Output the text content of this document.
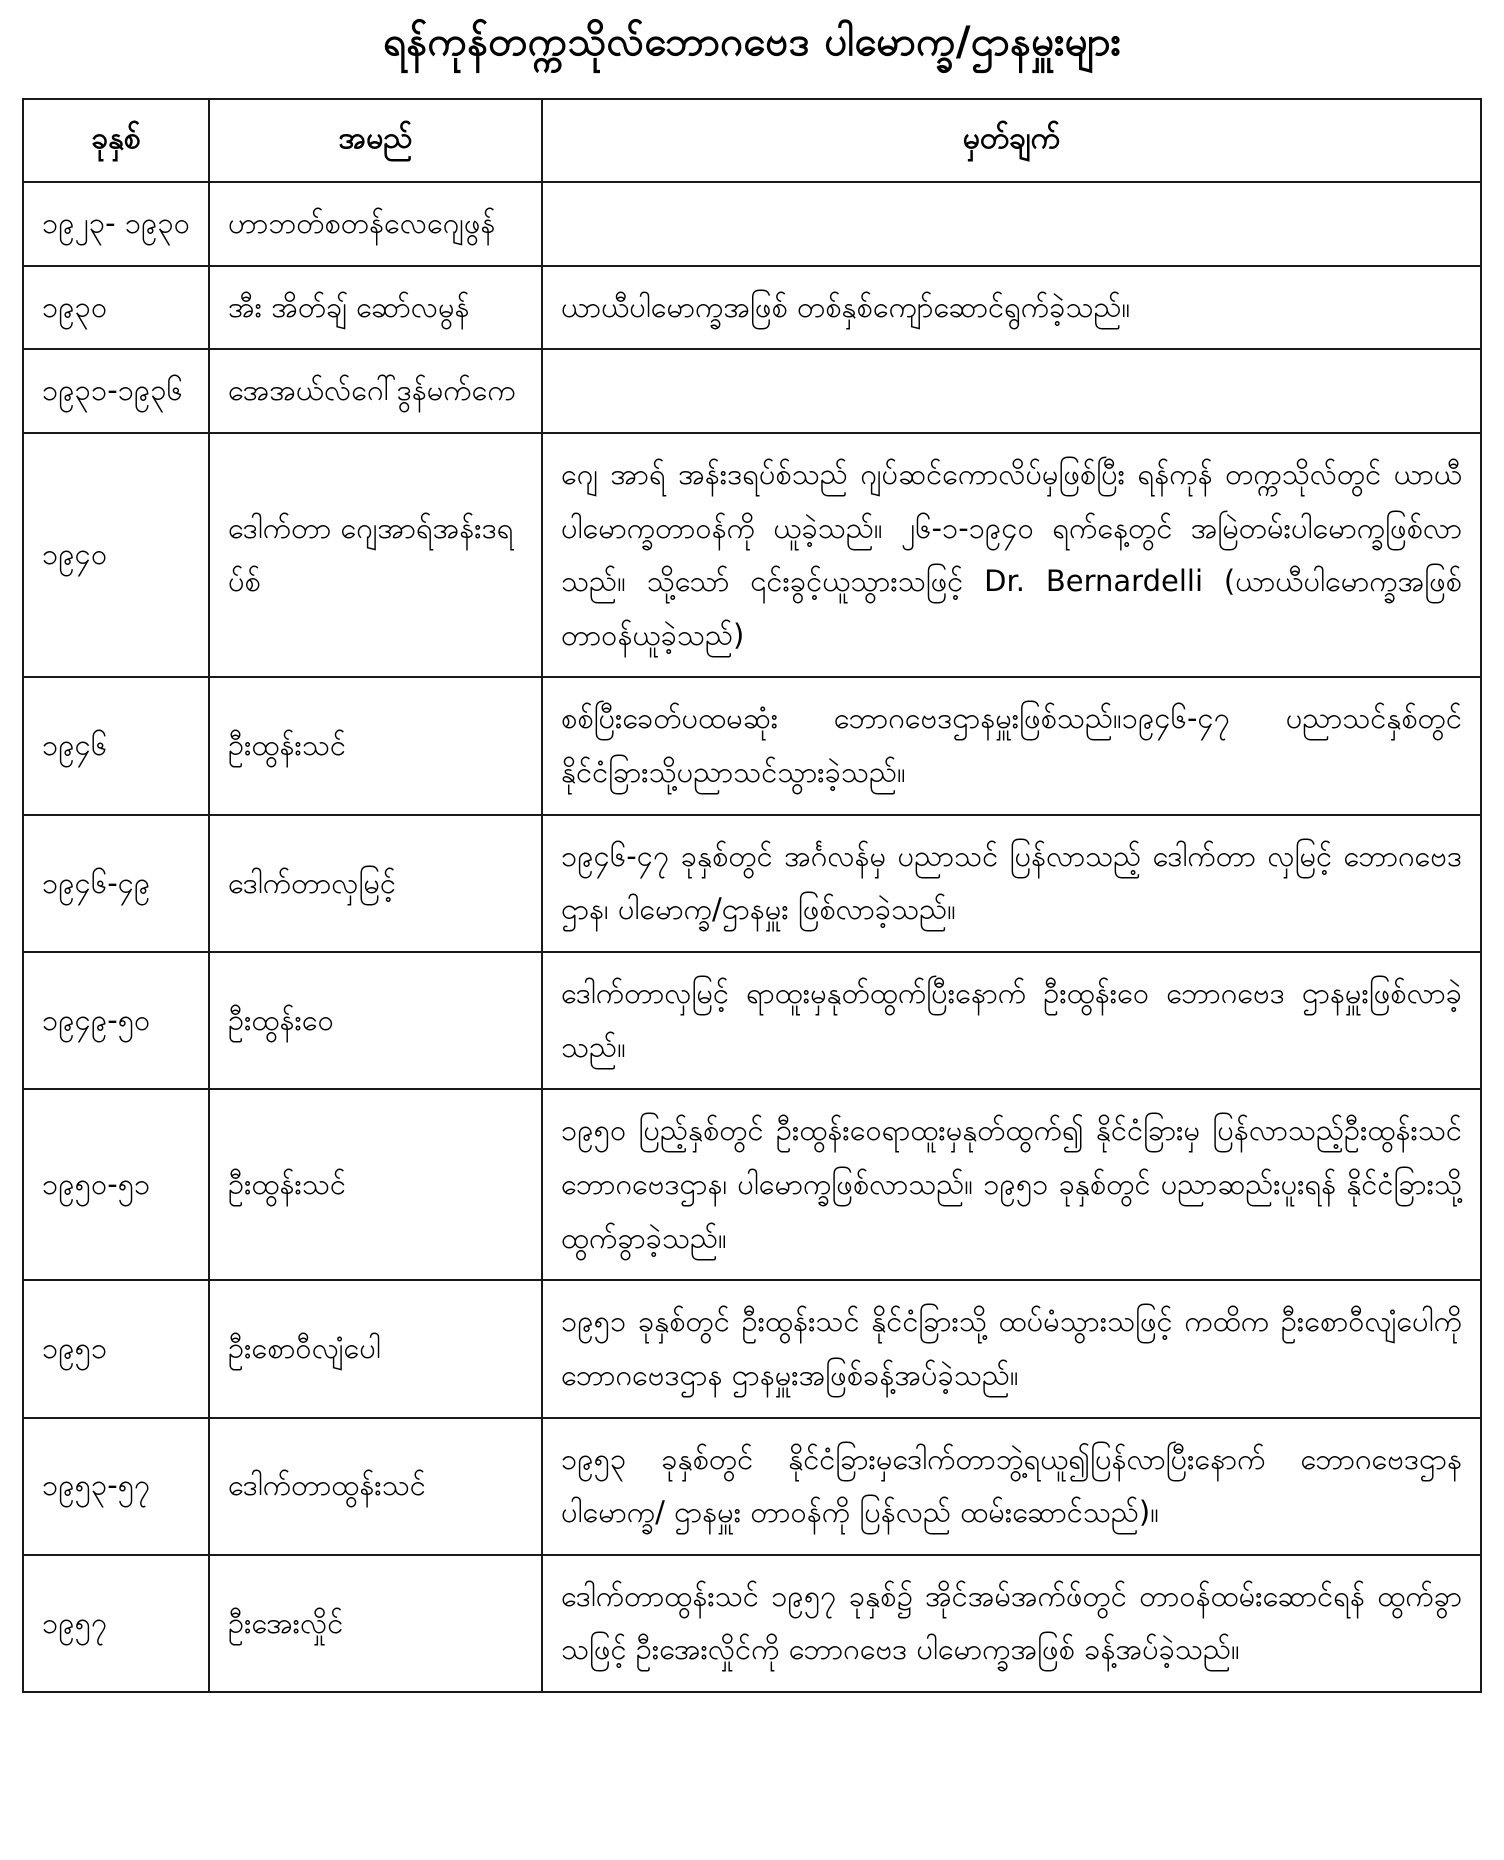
ရန်ကုန်တက္ကသိုလ်ဘောဂဗေဒ ပါမောက္ခ/ဌာနမှူးများ
ခုနှစ်	အမည်	မှတ်ချက်
၁၉၂၃- ၁၉၃၀	ဟာဘတ်စတန်လေဂျေဖွန်	
၁၉၃၀	အီး အိတ်ချ် ဆော်လမွန်	ယာယီပါမောက္ခအဖြစ် တစ်နှစ်ကျော်ဆောင်ရွက်ခဲ့သည်။
၁၉၃၁-၁၉၃၆	အေအယ်လ်ဂေါ်ဒွန်မက်ကေ	
၁၉၄၀	ဒေါက်တာ ဂျေအာရ်အန်းဒရပ်စ်	ဂျေ အာရ် အန်းဒရပ်စ်သည် ဂျပ်ဆင်ကောလိပ်မှဖြစ်ပြီး ရန်ကုန် တက္ကသိုလ်တွင် ယာယီပါမောက္ခတာဝန်ကို ယူခဲ့သည်။ ၂၆-၁-၁၉၄၀ ရက်နေ့တွင် အမြဲတမ်းပါမောက္ခဖြစ်လာသည်။ သို့သော် ၎င်းခွင့်ယူသွားသဖြင့် Dr. Bernardelli (ယာယီပါမောက္ခအဖြစ် တာဝန်ယူခဲ့သည်)
၁၉၄၆	ဦးထွန်းသင်	စစ်ပြီးခေတ်ပထမဆုံး ဘောဂဗေဒဌာနမှူးဖြစ်သည်။၁၉၄၆-၄၇ ပညာသင်နှစ်တွင် နိုင်ငံခြားသို့ပညာသင်သွားခဲ့သည်။
၁၉၄၆-၄၉	ဒေါက်တာလှမြင့်	၁၉၄၆-၄၇ ခုနှစ်တွင် အင်္ဂလန်မှ ပညာသင် ပြန်လာသည့် ဒေါက်တာ လှမြင့် ဘောဂဗေဒဌာန၊ ပါမောက္ခ/ဌာနမှူး ဖြစ်လာခဲ့သည်။
၁၉၄၉-၅၀	ဦးထွန်းဝေ	ဒေါက်တာလှမြင့် ရာထူးမှနုတ်ထွက်ပြီးနောက် ဦးထွန်းဝေ ဘောဂဗေဒ ဌာနမှူးဖြစ်လာခဲ့သည်။
၁၉၅၀-၅၁	ဦးထွန်းသင်	၁၉၅၀ ပြည့်နှစ်တွင် ဦးထွန်းဝေရာထူးမှနုတ်ထွက်၍ နိုင်ငံခြားမှ ပြန်လာသည့်ဦးထွန်းသင် ဘောဂဗေဒဌာန၊ ပါမောက္ခဖြစ်လာသည်။ ၁၉၅၁ ခုနှစ်တွင် ပညာဆည်းပူးရန် နိုင်ငံခြားသို့ ထွက်ခွာခဲ့သည်။
၁၉၅၁	ဦးစောဝီလျံပေါ	၁၉၅၁ ခုနှစ်တွင် ဦးထွန်းသင် နိုင်ငံခြားသို့ ထပ်မံသွားသဖြင့် ကထိက ဦးစောဝီလျံပေါကို ဘောဂဗေဒဌာန ဌာနမှူးအဖြစ်ခန့်အပ်ခဲ့သည်။
၁၉၅၃-၅၇	ဒေါက်တာထွန်းသင်	၁၉၅၃ ခုနှစ်တွင် နိုင်ငံခြားမှဒေါက်တာဘွဲ့ရယူ၍ပြန်လာပြီးနောက် ဘောဂဗေဒဌာန ပါမောက္ခ/ ဌာနမှူး တာဝန်ကို ပြန်လည် ထမ်းဆောင်သည်)။
၁၉၅၇	ဦးအေးလှိုင်	ဒေါက်တာထွန်းသင် ၁၉၅၇ ခုနှစ်၌ အိုင်အမ်အက်ဖ်တွင် တာဝန်ထမ်းဆောင်ရန် ထွက်ခွာသဖြင့် ဦးအေးလှိုင်ကို ဘောဂဗေဒ ပါမောက္ခအဖြစ် ခန့်အပ်ခဲ့သည်။
